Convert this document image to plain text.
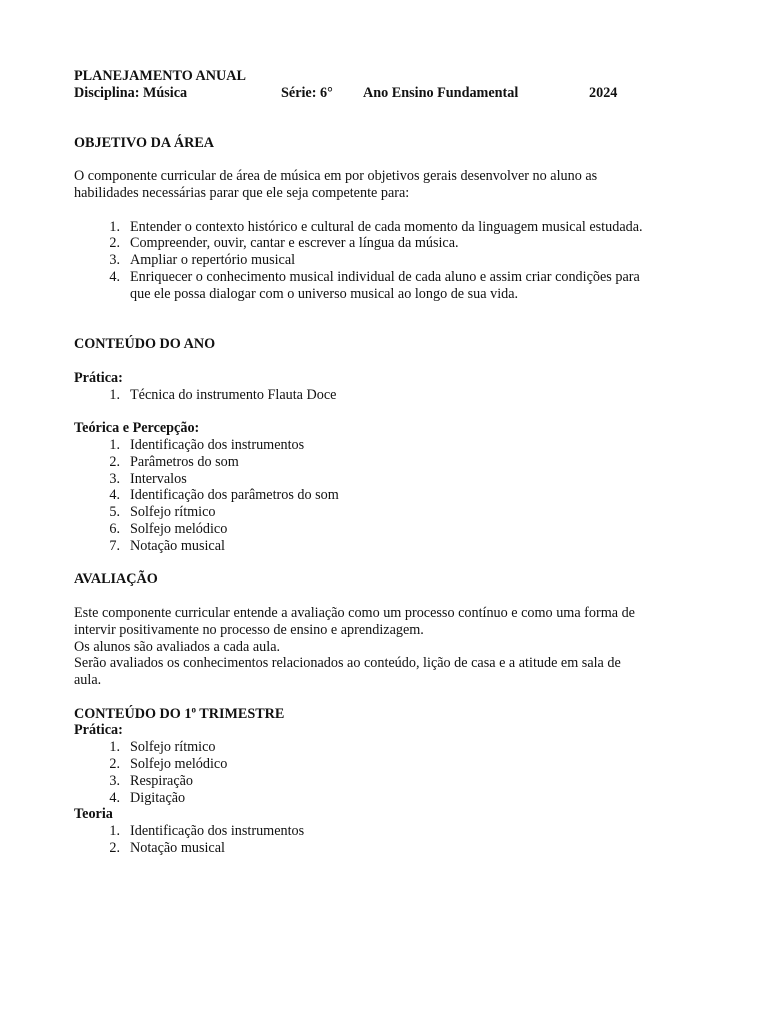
PLANEJAMENTO ANUAL
Disciplina: Música	Série: 6°	Ano Ensino Fundamental	2024
OBJETIVO DA ÁREA
O componente curricular de área de música em por objetivos gerais desenvolver no aluno as
habilidades necessárias parar que ele seja competente para:
1. Entender o contexto histórico e cultural de cada momento da linguagem musical estudada.
2. Compreender, ouvir, cantar e escrever a língua da música.
3. Ampliar o repertório musical
4. Enriquecer o conhecimento musical individual de cada aluno e assim criar condições para
que ele possa dialogar com o universo musical ao longo de sua vida.
CONTEÚDO DO ANO
Prática:
1. Técnica do instrumento Flauta Doce
Teórica e Percepção:
1. Identificação dos instrumentos
2. Parâmetros do som
3. Intervalos
4. Identificação dos parâmetros do som
5. Solfejo rítmico
6. Solfejo melódico
7. Notação musical
AVALIAÇÃO
Este componente curricular entende a avaliação como um processo contínuo e como uma forma de
intervir positivamente no processo de ensino e aprendizagem.
Os alunos são avaliados a cada aula.
Serão avaliados os conhecimentos relacionados ao conteúdo, lição de casa e a atitude em sala de
aula.
CONTEÚDO DO 1$^o$ TRIMESTRE
Prática:
1. Solfejo rítmico
2. Solfejo melódico
3. Respiração
4. Digitação
Teoria
1. Identificação dos instrumentos
2. Notação musical
